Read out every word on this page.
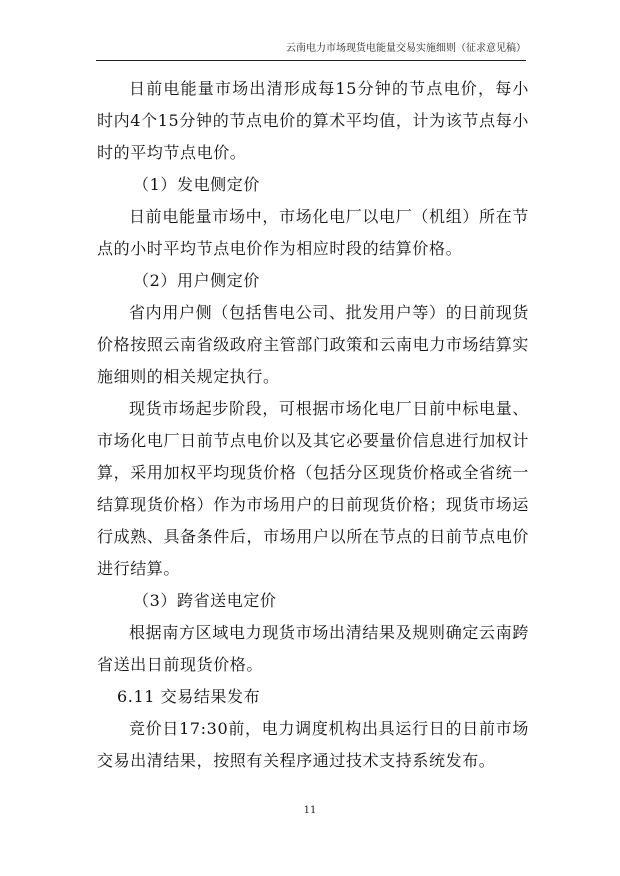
云南电力市场现货电能量交易实施细则（征求意见稿）

日前电能量市场出清形成每15分钟的节点电价，每小时内4个15分钟的节点电价的算术平均值，计为该节点每小时的平均节点电价。

（1）发电侧定价

日前电能量市场中，市场化电厂以电厂（机组）所在节点的小时平均节点电价作为相应时段的结算价格。

（2）用户侧定价

省内用户侧（包括售电公司、批发用户等）的日前现货价格按照云南省级政府主管部门政策和云南电力市场结算实施细则的相关规定执行。

现货市场起步阶段，可根据市场化电厂日前中标电量、市场化电厂日前节点电价以及其它必要量价信息进行加权计算，采用加权平均现货价格（包括分区现货价格或全省统一结算现货价格）作为市场用户的日前现货价格；现货市场运行成熟、具备条件后，市场用户以所在节点的日前节点电价进行结算。

（3）跨省送电定价

根据南方区域电力现货市场出清结果及规则确定云南跨省送出日前现货价格。

6.11 交易结果发布

竞价日17:30前，电力调度机构出具运行日的日前市场交易出清结果，按照有关程序通过技术支持系统发布。

11
